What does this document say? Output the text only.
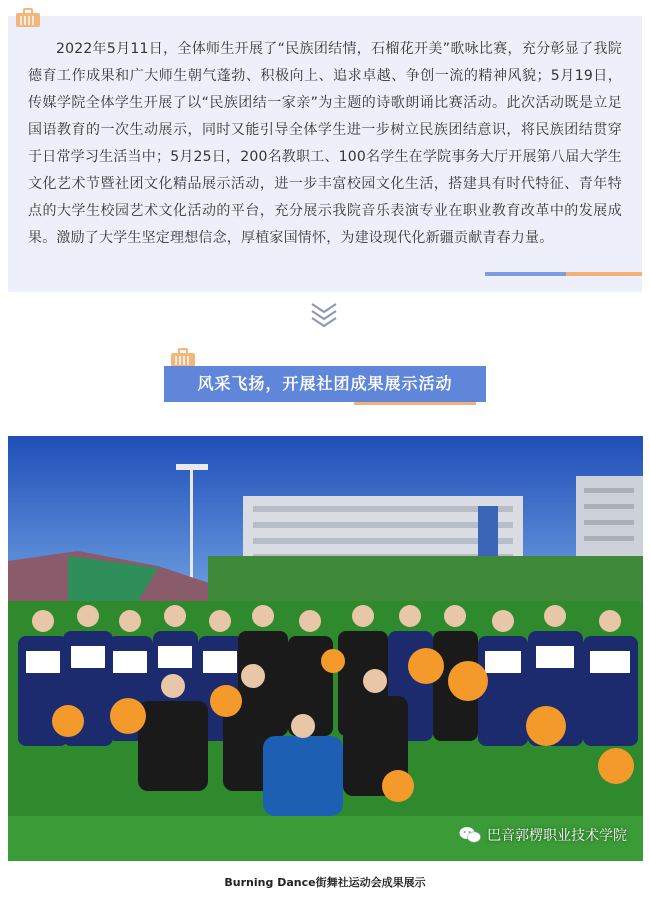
2022年5月11日，全体师生开展了“民族团结情，石榴花开美”歌咏比赛，充分彰显了我院德育工作成果和广大师生朝气蓬勃、积极向上、追求卓越、争创一流的精神风貌；5月19日，传媒学院全体学生开展了以“民族团结一家亲”为主题的诗歌朗诵比赛活动。此次活动既是立足国语教育的一次生动展示，同时又能引导全体学生进一步树立民族团结意识，将民族团结贯穿于日常学习生活当中；5月25日，200名教职工、100名学生在学院事务大厅开展第八届大学生文化艺术节暨社团文化精品展示活动，进一步丰富校园文化生活，搭建具有时代特征、青年特点的大学生校园艺术文化活动的平台，充分展示我院音乐表演专业在职业教育改革中的发展成果。激励了大学生坚定理想信念，厚植家国情怀，为建设现代化新疆贡献青春力量。

风采飞扬，开展社团成果展示活动
巴音郭楞职业技术学院
Burning Dance街舞社运动会成果展示
